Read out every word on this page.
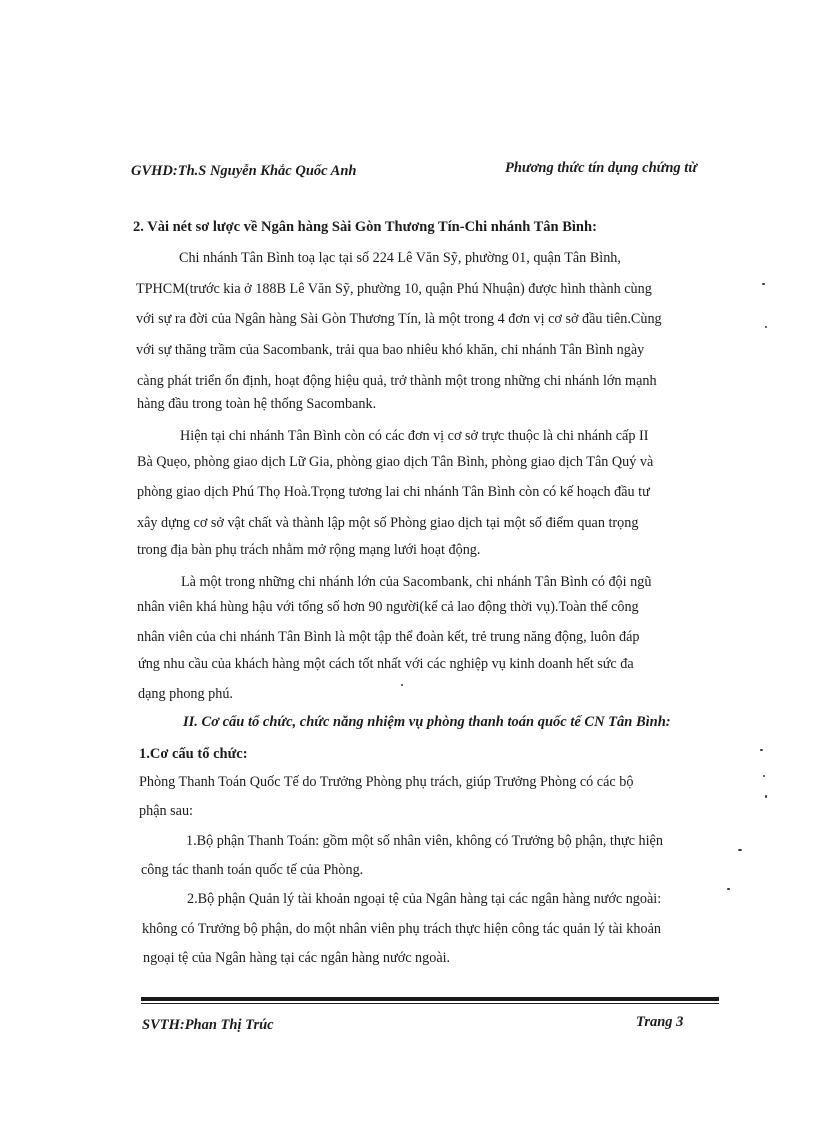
GVHD:Th.S Nguyễn Khắc Quốc Anh	Phương thức tín dụng chứng từ
2. Vài nét sơ lược về Ngân hàng Sài Gòn Thương Tín-Chi nhánh Tân Bình:
Chi nhánh Tân Bình toạ lạc tại số 224 Lê Văn Sỹ, phường 01, quận Tân Bình,
TPHCM(trước kia ở 188B Lê Văn Sỹ, phường 10, quận Phú Nhuận) được hình thành cùng
với sự ra đời của Ngân hàng Sài Gòn Thương Tín, là một trong 4 đơn vị cơ sở đầu tiên.Cùng
với sự thăng trầm của Sacombank, trải qua bao nhiêu khó khăn, chi nhánh Tân Bình ngày
càng phát triển ổn định, hoạt động hiệu quả, trở thành một trong những chi nhánh lớn mạnh
hàng đầu trong toàn hệ thống Sacombank.
Hiện tại chi nhánh Tân Bình còn có các đơn vị cơ sở trực thuộc là chi nhánh cấp II
Bà Quẹo, phòng giao dịch Lữ Gia, phòng giao dịch Tân Bình, phòng giao dịch Tân Quý và
phòng giao dịch Phú Thọ Hoà.Trọng tương lai chi nhánh Tân Bình còn có kế hoạch đầu tư
xây dựng cơ sở vật chất và thành lập một số Phòng giao dịch tại một số điểm quan trọng
trong địa bàn phụ trách nhằm mở rộng mạng lưới hoạt động.
Là một trong những chi nhánh lớn của Sacombank, chi nhánh Tân Bình có đội ngũ
nhân viên khá hùng hậu với tổng số hơn 90 người(kể cả lao động thời vụ).Toàn thể công
nhân viên của chi nhánh Tân Bình là một tập thể đoàn kết, trẻ trung năng động, luôn đáp
ứng nhu cầu của khách hàng một cách tốt nhất với các nghiệp vụ kinh doanh hết sức đa
dạng phong phú.
II. Cơ cấu tổ chức, chức năng nhiệm vụ phòng thanh toán quốc tế CN Tân Bình:
1.Cơ cấu tổ chức:
Phòng Thanh Toán Quốc Tế do Trưởng Phòng phụ trách, giúp Trưởng Phòng có các bộ
phận sau:
1.Bộ phận Thanh Toán: gồm một số nhân viên, không có Trưởng bộ phận, thực hiện
công tác thanh toán quốc tế của Phòng.
2.Bộ phận Quản lý tài khoản ngoại tệ của Ngân hàng tại các ngân hàng nước ngoài:
không có Trưởng bộ phận, do một nhân viên phụ trách thực hiện công tác quản lý tài khoản
ngoại tệ của Ngân hàng tại các ngân hàng nước ngoài.
SVTH:Phan Thị Trúc	Trang 3
